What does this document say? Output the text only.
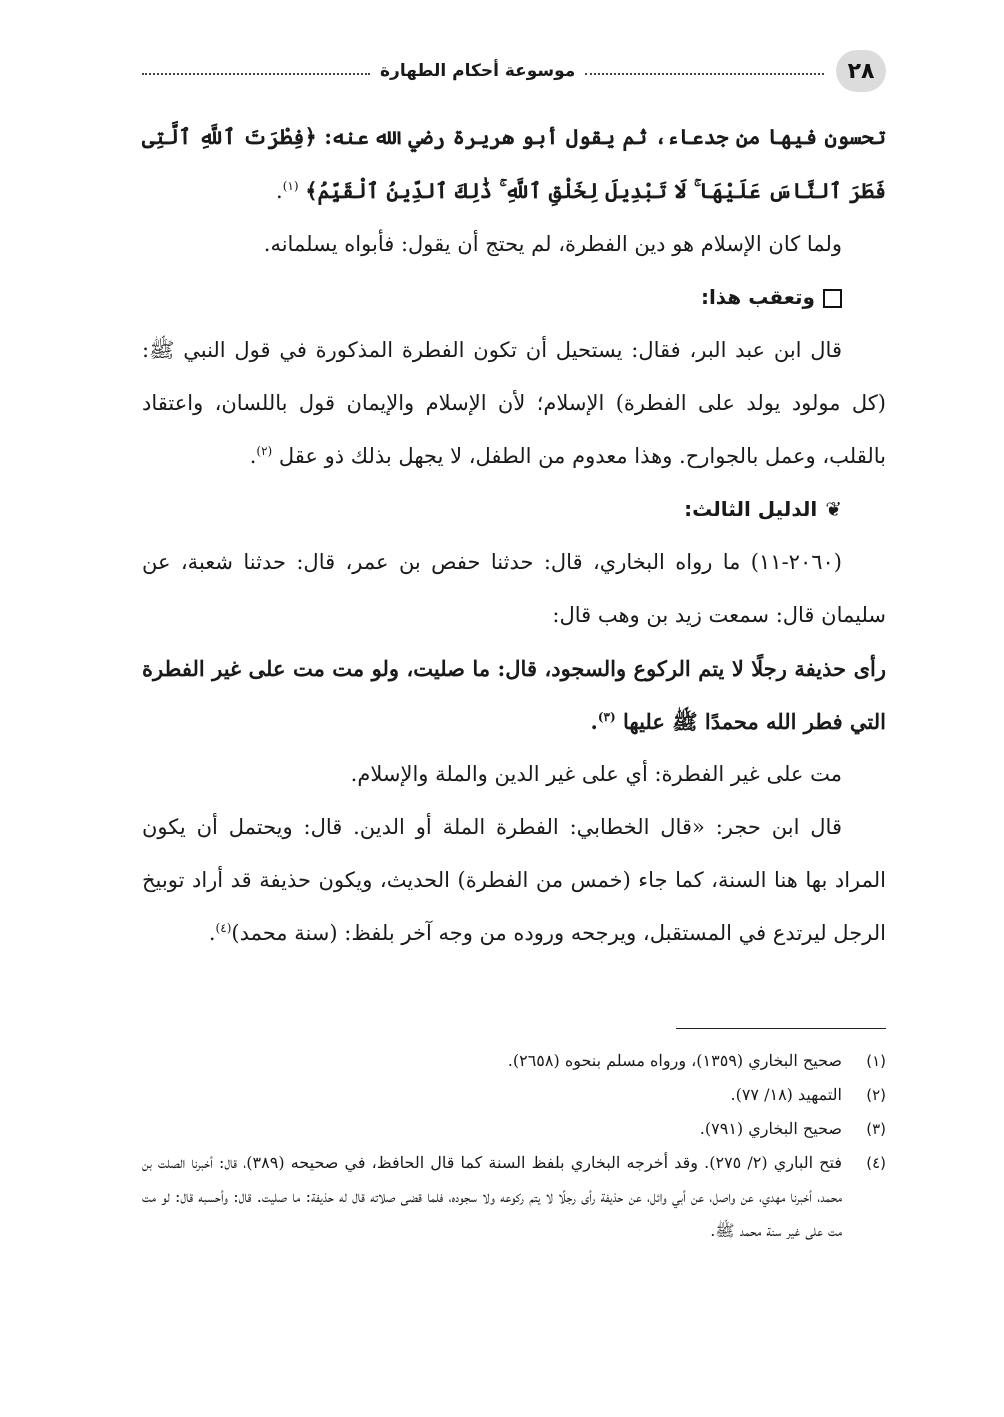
٢٨
موسوعة أحكام الطهارة

تحسون فيها من جدعاء، ثم يقول أبو هريرة رضي الله عنه: ﴿فِطْرَتَ ٱللَّهِ ٱلَّتِى فَطَرَ ٱلنَّاسَ عَلَيْهَا ۚ لَا تَبْدِيلَ لِخَلْقِ ٱللَّهِ ۚ ذَٰلِكَ ٱلدِّينُ ٱلْقَيِّمُ﴾ $^{(١)}$.

ولما كان الإسلام هو دين الفطرة، لم يحتج أن يقول: فأبواه يسلمانه.

وتعقب هذا:

قال ابن عبد البر، فقال: يستحيل أن تكون الفطرة المذكورة في قول النبي ﷺ: (كل مولود يولد على الفطرة) الإسلام؛ لأن الإسلام والإيمان قول باللسان، واعتقاد بالقلب، وعمل بالجوارح. وهذا معدوم من الطفل، لا يجهل بذلك ذو عقل $^{(٢)}$.

❦الدليل الثالث:

(٢٠٦٠-١١) ما رواه البخاري، قال: حدثنا حفص بن عمر، قال: حدثنا شعبة، عن سليمان قال: سمعت زيد بن وهب قال:

رأى حذيفة رجلًا لا يتم الركوع والسجود، قال: ما صليت، ولو مت مت على غير الفطرة التي فطر الله محمدًا ﷺ عليها $^{(٣)}$.

مت على غير الفطرة: أي على غير الدين والملة والإسلام.

قال ابن حجر: «قال الخطابي: الفطرة الملة أو الدين. قال: ويحتمل أن يكون المراد بها هنا السنة، كما جاء (خمس من الفطرة) الحديث، ويكون حذيفة قد أراد توبيخ الرجل ليرتدع في المستقبل، ويرجحه وروده من وجه آخر بلفظ: (سنة محمد)$^{(٤)}$.

(١)
صحيح البخاري (١٣٥٩)، ورواه مسلم بنحوه (٢٦٥٨).
(٢)
التمهيد (١٨/ ٧٧).
(٣)
صحيح البخاري (٧٩١).
(٤)
فتح الباري (٢/ ٢٧٥). وقد أخرجه البخاري بلفظ السنة كما قال الحافظ، في صحيحه (٣٨٩)، قال: أخبرنا الصلت بن محمد، أخبرنا مهدي، عن واصل، عن أبي وائل، عن حذيفة رأى رجلًا لا يتم ركوعه ولا سجوده، فلما قضى صلاته قال له حذيفة: ما صليت. قال: وأحسبه قال: لو مت مت على غير سنة محمد ﷺ.
